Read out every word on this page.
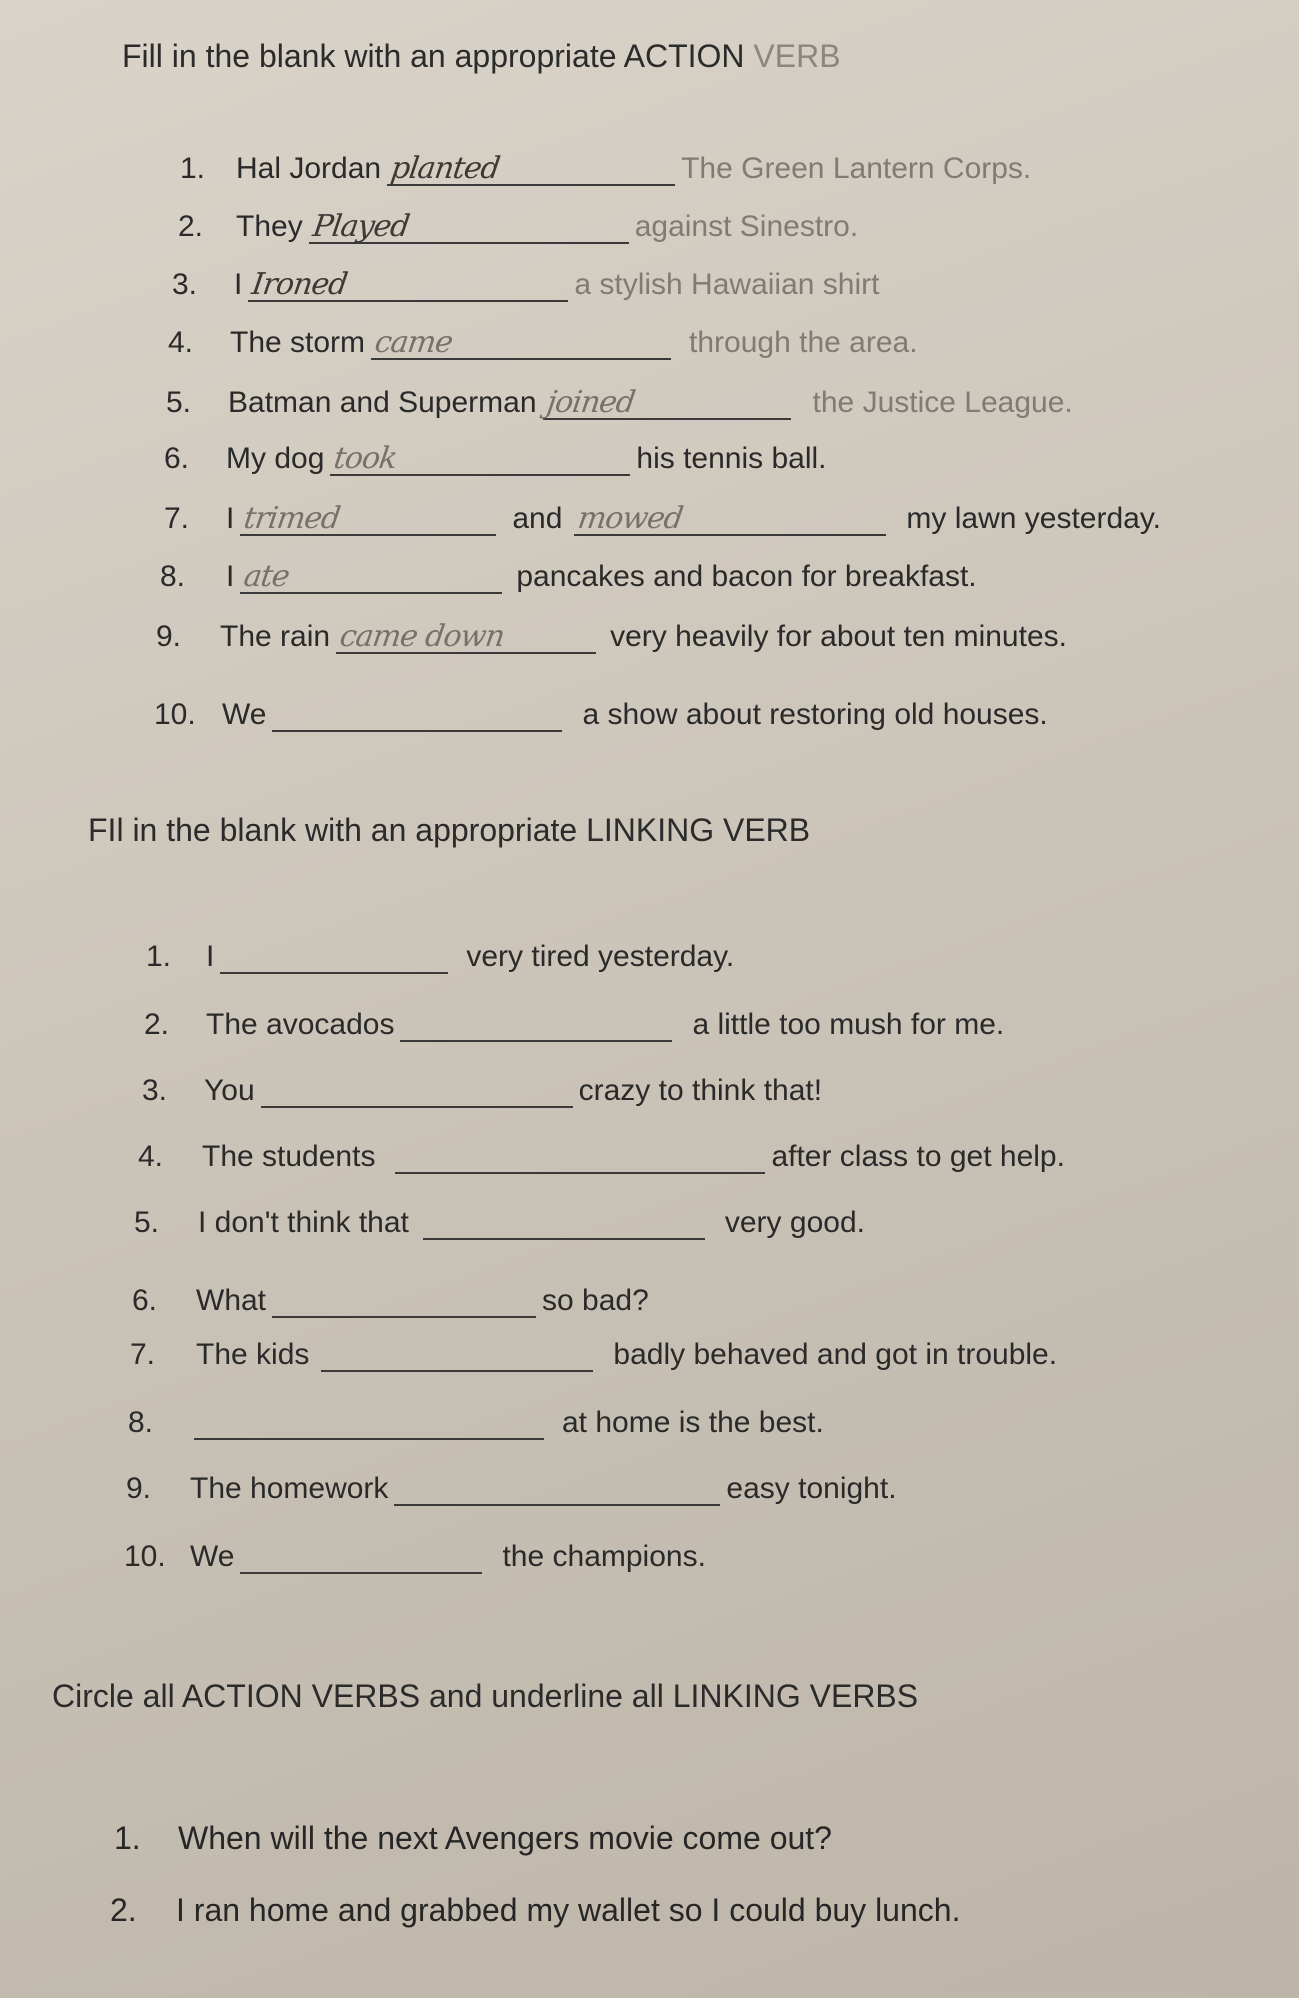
Fill in the blank with an appropriate ACTION VERB
1.	Hal Jordan planted	The Green Lantern Corps.
2.	They Played	against Sinestro.
3.	I Ironed	a stylish Hawaiian shirt
4.	The storm came	through the area.
5.	Batman and Superman joined	the Justice League.
6.	My dog took	his tennis ball.
7.	I trimed	and mowed	my lawn yesterday.
8.	I ate	pancakes and bacon for breakfast.
9.	The rain came down	very heavily for about ten minutes.
10. We	a show about restoring old houses.
FIl in the blank with an appropriate LINKING VERB
1.	I	very tired yesterday.
2.	The avocados	a little too mush for me.
3.	You	crazy to think that!
4.	The students	after class to get help.
5.	I don't think that	very good.
6.	What	so bad?
7.	The kids	badly behaved and got in trouble.
8.	at home is the best.
9.	The homework	easy tonight.
10. We	the champions.
Circle all ACTION VERBS and underline all LINKING VERBS
1. When will the next Avengers movie come out?
2. I ran home and grabbed my wallet so I could buy lunch.
